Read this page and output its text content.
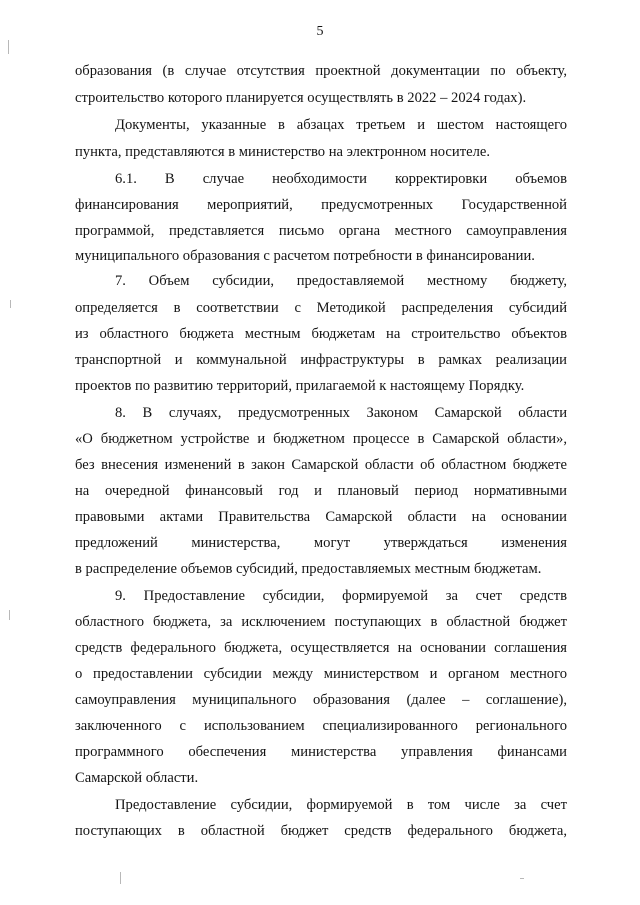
5
образования (в случае отсутствия проектной документации по объекту,
строительство которого планируется осуществлять в 2022 – 2024 годах).
Документы, указанные в абзацах третьем и шестом настоящего
пункта, представляются в министерство на электронном носителе.
6.1. В случае необходимости корректировки объемов
финансирования мероприятий, предусмотренных Государственной
программой, представляется письмо органа местного самоуправления
муниципального образования с расчетом потребности в финансировании.
7. Объем субсидии, предоставляемой местному бюджету,
определяется в соответствии с Методикой распределения субсидий
из областного бюджета местным бюджетам на строительство объектов
транспортной и коммунальной инфраструктуры в рамках реализации
проектов по развитию территорий, прилагаемой к настоящему Порядку.
8. В случаях, предусмотренных Законом Самарской области
«О бюджетном устройстве и бюджетном процессе в Самарской области»,
без внесения изменений в закон Самарской области об областном бюджете
на очередной финансовый год и плановый период нормативными
правовыми актами Правительства Самарской области на основании
предложений министерства, могут утверждаться изменения
в распределение объемов субсидий, предоставляемых местным бюджетам.
9. Предоставление субсидии, формируемой за счет средств
областного бюджета, за исключением поступающих в областной бюджет
средств федерального бюджета, осуществляется на основании соглашения
о предоставлении субсидии между министерством и органом местного
самоуправления муниципального образования (далее – соглашение),
заключенного с использованием специализированного регионального
программного обеспечения министерства управления финансами
Самарской области.
Предоставление субсидии, формируемой в том числе за счет
поступающих в областной бюджет средств федерального бюджета,
